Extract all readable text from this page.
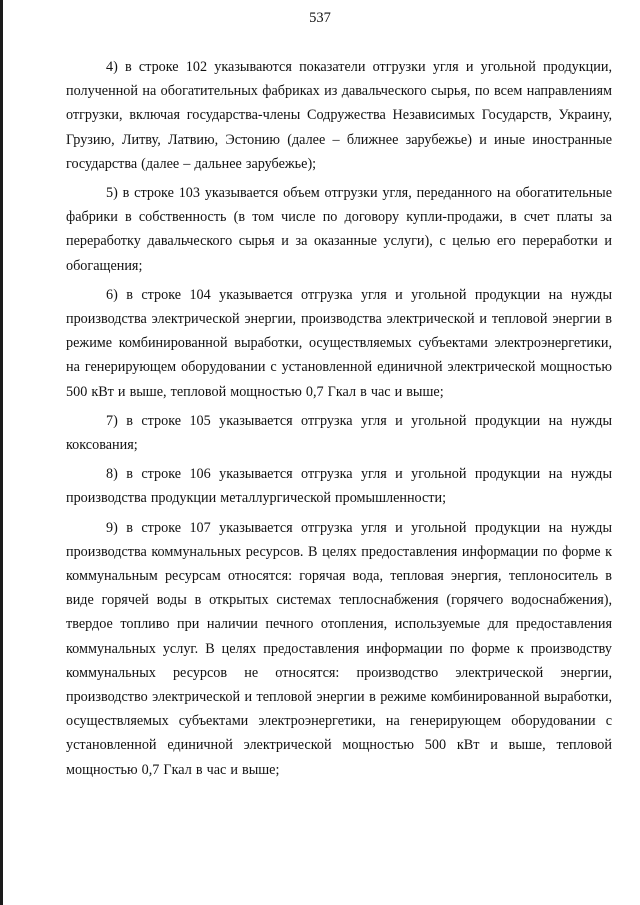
537

4) в строке 102 указываются показатели отгрузки угля и угольной продукции, полученной на обогатительных фабриках из давальческого сырья, по всем направлениям отгрузки, включая государства-члены Содружества Независимых Государств, Украину, Грузию, Литву, Латвию, Эстонию (далее – ближнее зарубежье) и иные иностранные государства (далее – дальнее зарубежье);

5) в строке 103 указывается объем отгрузки угля, переданного на обогатительные фабрики в собственность (в том числе по договору купли-продажи, в счет платы за переработку давальческого сырья и за оказанные услуги), с целью его переработки и обогащения;

6) в строке 104 указывается отгрузка угля и угольной продукции на нужды производства электрической энергии, производства электрической и тепловой энергии в режиме комбинированной выработки, осуществляемых субъектами электроэнергетики, на генерирующем оборудовании с установленной единичной электрической мощностью 500 кВт и выше, тепловой мощностью 0,7 Гкал в час и выше;

7) в строке 105 указывается отгрузка угля и угольной продукции на нужды коксования;

8) в строке 106 указывается отгрузка угля и угольной продукции на нужды производства продукции металлургической промышленности;

9) в строке 107 указывается отгрузка угля и угольной продукции на нужды производства коммунальных ресурсов. В целях предоставления информации по форме к коммунальным ресурсам относятся: горячая вода, тепловая энергия, теплоноситель в виде горячей воды в открытых системах теплоснабжения (горячего водоснабжения), твердое топливо при наличии печного отопления, используемые для предоставления коммунальных услуг. В целях предоставления информации по форме к производству коммунальных ресурсов не относятся: производство электрической энергии, производство электрической и тепловой энергии в режиме комбинированной выработки, осуществляемых субъектами электроэнергетики, на генерирующем оборудовании с установленной единичной электрической мощностью 500 кВт и выше, тепловой мощностью 0,7 Гкал в час и выше;
